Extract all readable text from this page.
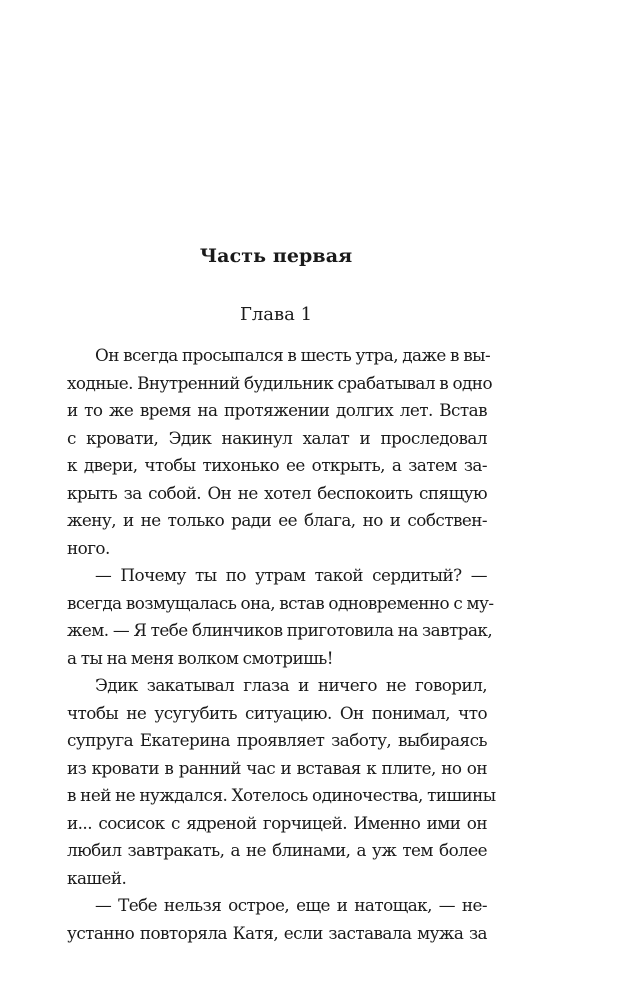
Часть первая
Глава 1
Он всегда просыпался в шесть утра, даже в вы-
ходные. Внутренний будильник срабатывал в одно
и то же время на протяжении долгих лет. Встав
с кровати, Эдик накинул халат и проследовал
к двери, чтобы тихонько ее открыть, а затем за-
крыть за собой. Он не хотел беспокоить спящую
жену, и не только ради ее блага, но и собствен-
ного.
— Почему ты по утрам такой сердитый? —
всегда возмущалась она, встав одновременно с му-
жем. — Я тебе блинчиков приготовила на завтрак,
а ты на меня волком смотришь!
Эдик закатывал глаза и ничего не говорил,
чтобы не усугубить ситуацию. Он понимал, что
супруга Екатерина проявляет заботу, выбираясь
из кровати в ранний час и вставая к плите, но он
в ней не нуждался. Хотелось одиночества, тишины
и... сосисок с ядреной горчицей. Именно ими он
любил завтракать, а не блинами, а уж тем более
кашей.
— Тебе нельзя острое, еще и натощак, — не-
устанно повторяла Катя, если заставала мужа за
